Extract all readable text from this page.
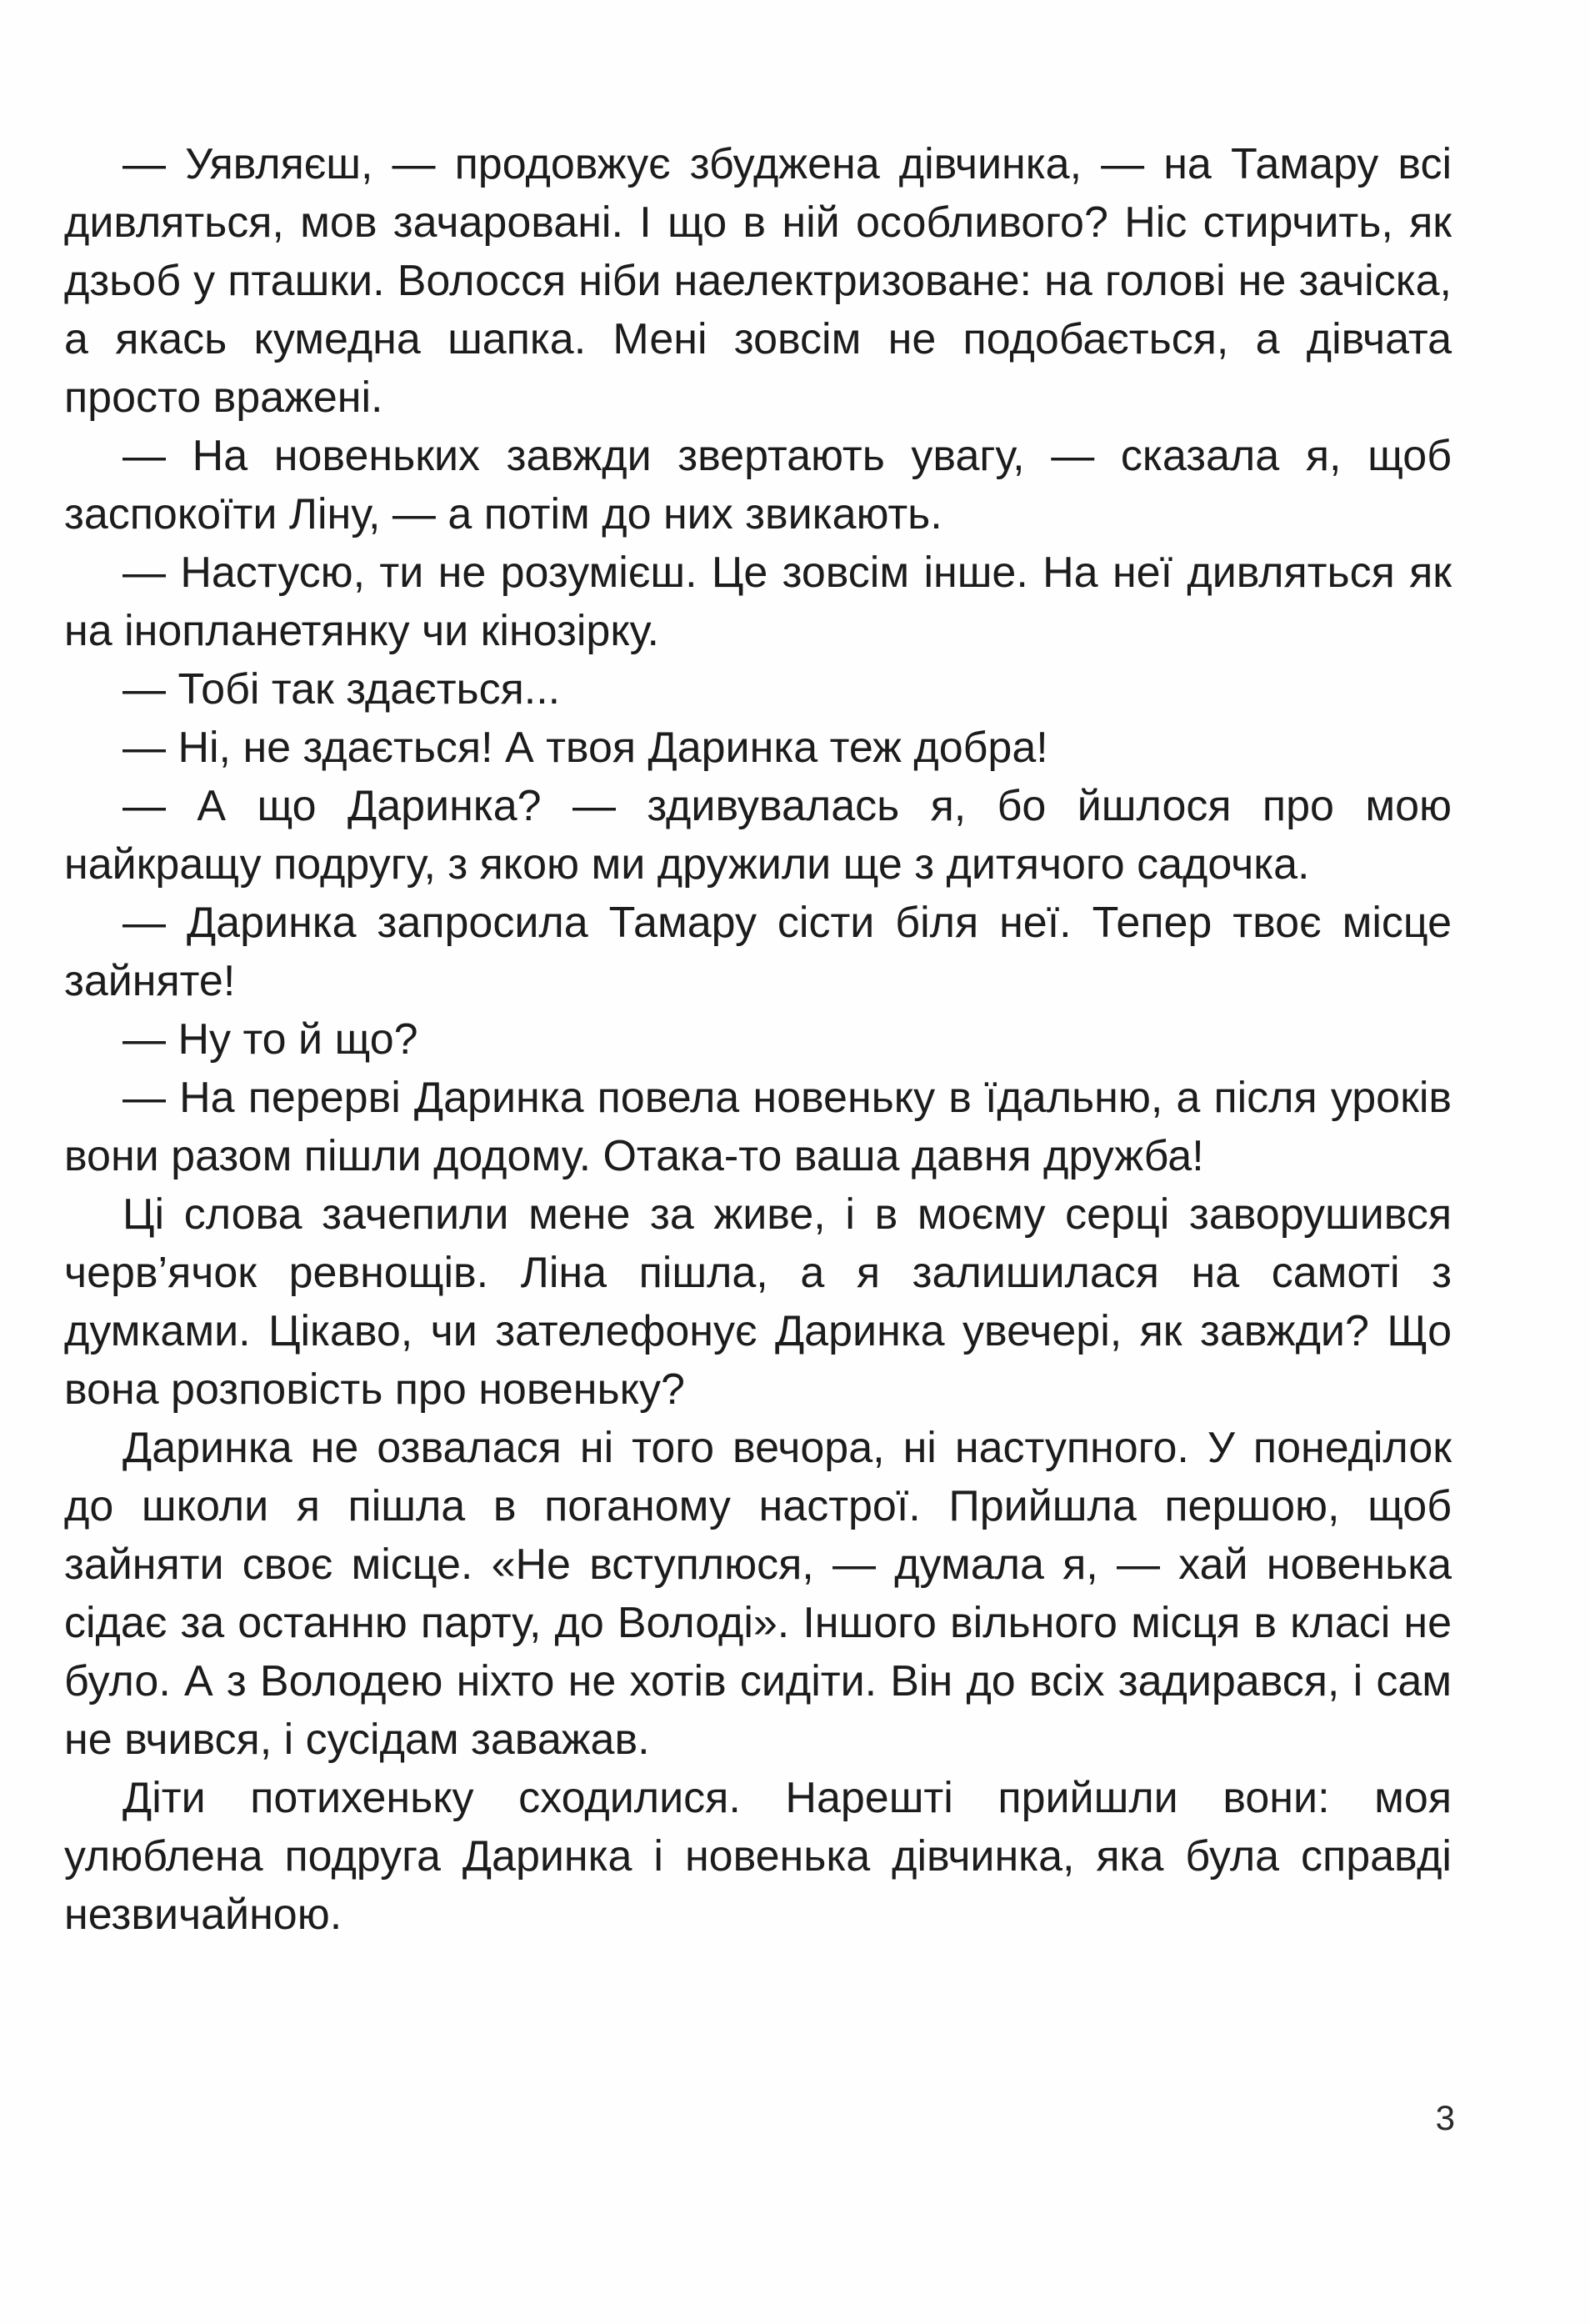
— Уявляєш, — продовжує збуджена дівчинка, — на Тамару всі дивляться, мов зачаровані. І що в ній особливого? Ніс стирчить, як дзьоб у пташки. Волосся ніби наелектризоване: на голові не зачіска, а якась кумедна шапка. Мені зовсім не подобається, а дівчата просто вражені.

— На новеньких завжди звертають увагу, — сказала я, щоб заспокоїти Ліну, — а потім до них звикають.

— Настусю, ти не розумієш. Це зовсім інше. На неї дивляться як на інопланетянку чи кінозірку.

— Тобі так здається...

— Ні, не здається! А твоя Даринка теж добра!

— А що Даринка? — здивувалась я, бо йшлося про мою найкращу подругу, з якою ми дружили ще з дитячого садочка.

— Даринка запросила Тамару сісти біля неї. Тепер твоє місце зайняте!

— Ну то й що?

— На перерві Даринка повела новеньку в їдальню, а після уроків вони разом пішли додому. Отака-то ваша давня дружба!

Ці слова зачепили мене за живе, і в моєму серці заворушився черв’ячок ревнощів. Ліна пішла, а я залишилася на самоті з думками. Цікаво, чи зателефонує Даринка увечері, як завжди? Що вона розповість про новеньку?

Даринка не озвалася ні того вечора, ні наступного. У понеділок до школи я пішла в поганому настрої. Прийшла першою, щоб зайняти своє місце. «Не вступлюся, — думала я, — хай новенька сідає за останню парту, до Володі». Іншого вільного місця в класі не було. А з Володею ніхто не хотів сидіти. Він до всіх задирався, і сам не вчився, і сусідам заважав.

Діти потихеньку сходилися. Нарешті прийшли вони: моя улюблена подруга Даринка і новенька дівчинка, яка була справді незвичайною.

3
